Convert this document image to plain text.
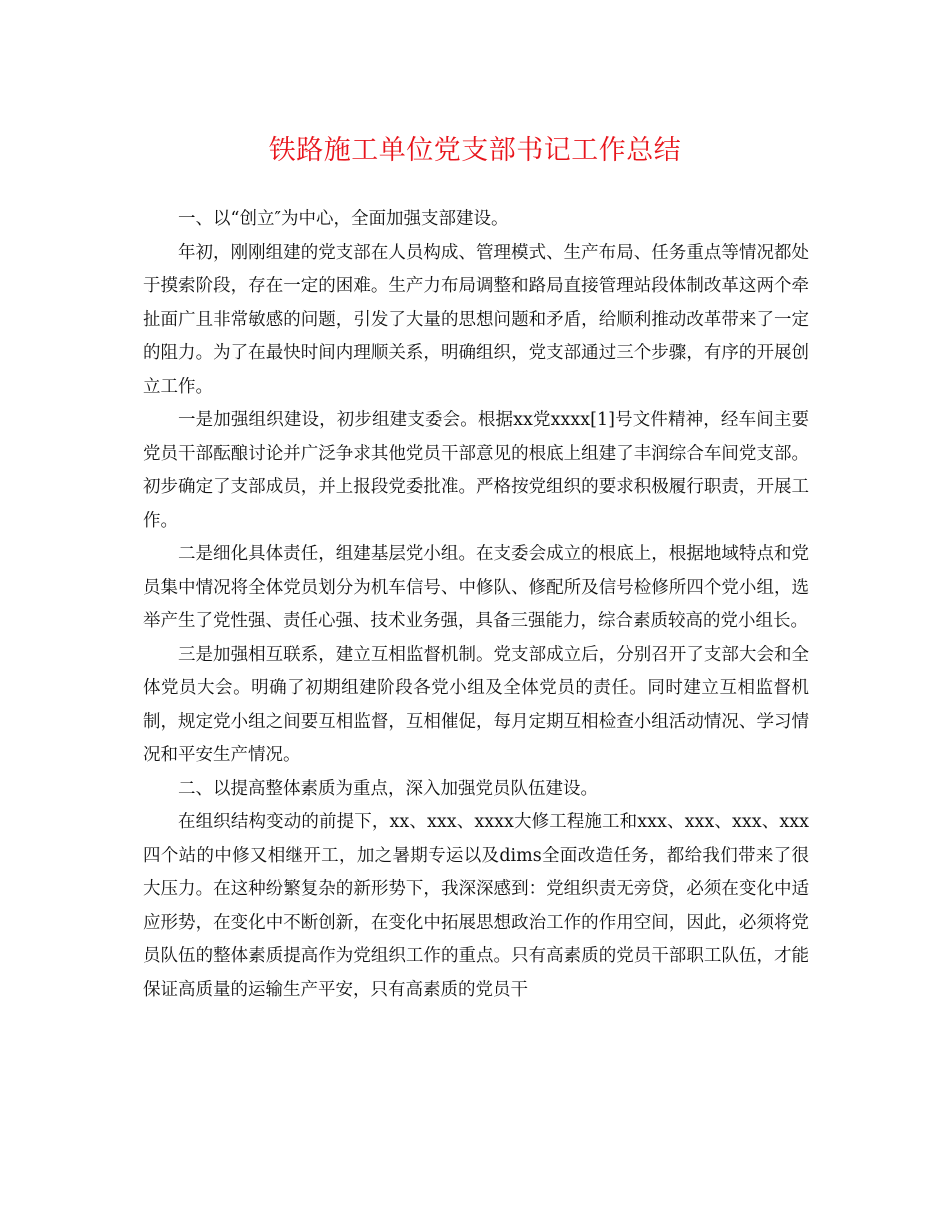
铁路施工单位党支部书记工作总结

一、以“创立″为中心，全面加强支部建设。

年初，刚刚组建的党支部在人员构成、管理模式、生产布局、任务重点等情况都处于摸索阶段，存在一定的困难。生产力布局调整和路局直接管理站段体制改革这两个牵扯面广且非常敏感的问题，引发了大量的思想问题和矛盾，给顺利推动改革带来了一定的阻力。为了在最快时间内理顺关系，明确组织，党支部通过三个步骤，有序的开展创立工作。

一是加强组织建设，初步组建支委会。根据xx党xxxx[1]号文件精神，经车间主要党员干部酝酿讨论并广泛争求其他党员干部意见的根底上组建了丰润综合车间党支部。初步确定了支部成员，并上报段党委批准。严格按党组织的要求积极履行职责，开展工作。

二是细化具体责任，组建基层党小组。在支委会成立的根底上，根据地域特点和党员集中情况将全体党员划分为机车信号、中修队、修配所及信号检修所四个党小组，选举产生了党性强、责任心强、技术业务强，具备三强能力，综合素质较高的党小组长。

三是加强相互联系，建立互相监督机制。党支部成立后，分别召开了支部大会和全体党员大会。明确了初期组建阶段各党小组及全体党员的责任。同时建立互相监督机制，规定党小组之间要互相监督，互相催促，每月定期互相检查小组活动情况、学习情况和平安生产情况。

二、以提高整体素质为重点，深入加强党员队伍建设。

在组织结构变动的前提下，xx、xxx、xxxx大修工程施工和xxx、xxx、xxx、xxx四个站的中修又相继开工，加之暑期专运以及dims全面改造任务，都给我们带来了很大压力。在这种纷繁复杂的新形势下，我深深感到：党组织责无旁贷，必须在变化中适应形势，在变化中不断创新，在变化中拓展思想政治工作的作用空间，因此，必须将党员队伍的整体素质提高作为党组织工作的重点。只有高素质的党员干部职工队伍，才能保证高质量的运输生产平安，只有高素质的党员干
